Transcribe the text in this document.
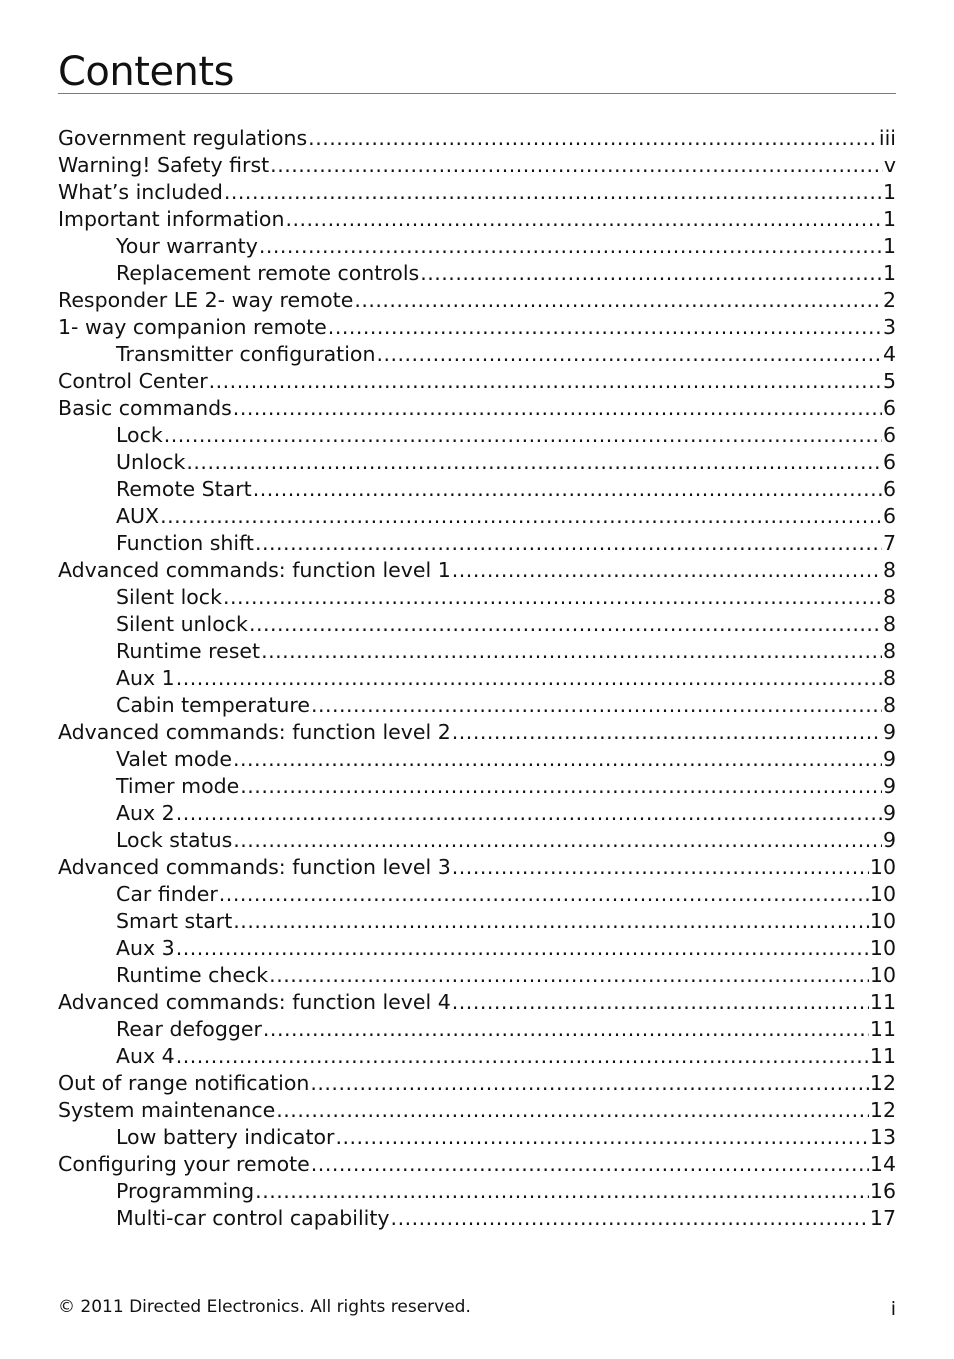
Contents
Government regulations .....	iii
Warning! Safety first .....	v
What’s included .....	1
Important information .....	1
Your warranty .....	1
Replacement remote controls .....	1
Responder LE 2- way remote .....	2
1- way companion remote .....	3
Transmitter configuration .....	4
Control Center .....	5
Basic commands .....	6
Lock .....	6
Unlock .....	6
Remote Start .....	6
AUX .....	6
Function shift .....	7
Advanced commands: function level 1 .....	8
Silent lock .....	8
Silent unlock .....	8
Runtime reset .....	8
Aux 1 .....	8
Cabin temperature .....	8
Advanced commands: function level 2 .....	9
Valet mode .....	9
Timer mode .....	9
Aux 2 .....	9
Lock status .....	9
Advanced commands: function level 3 .....	10
Car finder .....	10
Smart start .....	10
Aux 3 .....	10
Runtime check .....	10
Advanced commands: function level 4 .....	11
Rear defogger .....	11
Aux 4 .....	11
Out of range notification .....	12
System maintenance .....	12
Low battery indicator .....	13
Configuring your remote .....	14
Programming .....	16
Multi-car control capability .....	17
© 2011 Directed Electronics. All rights reserved.	i
